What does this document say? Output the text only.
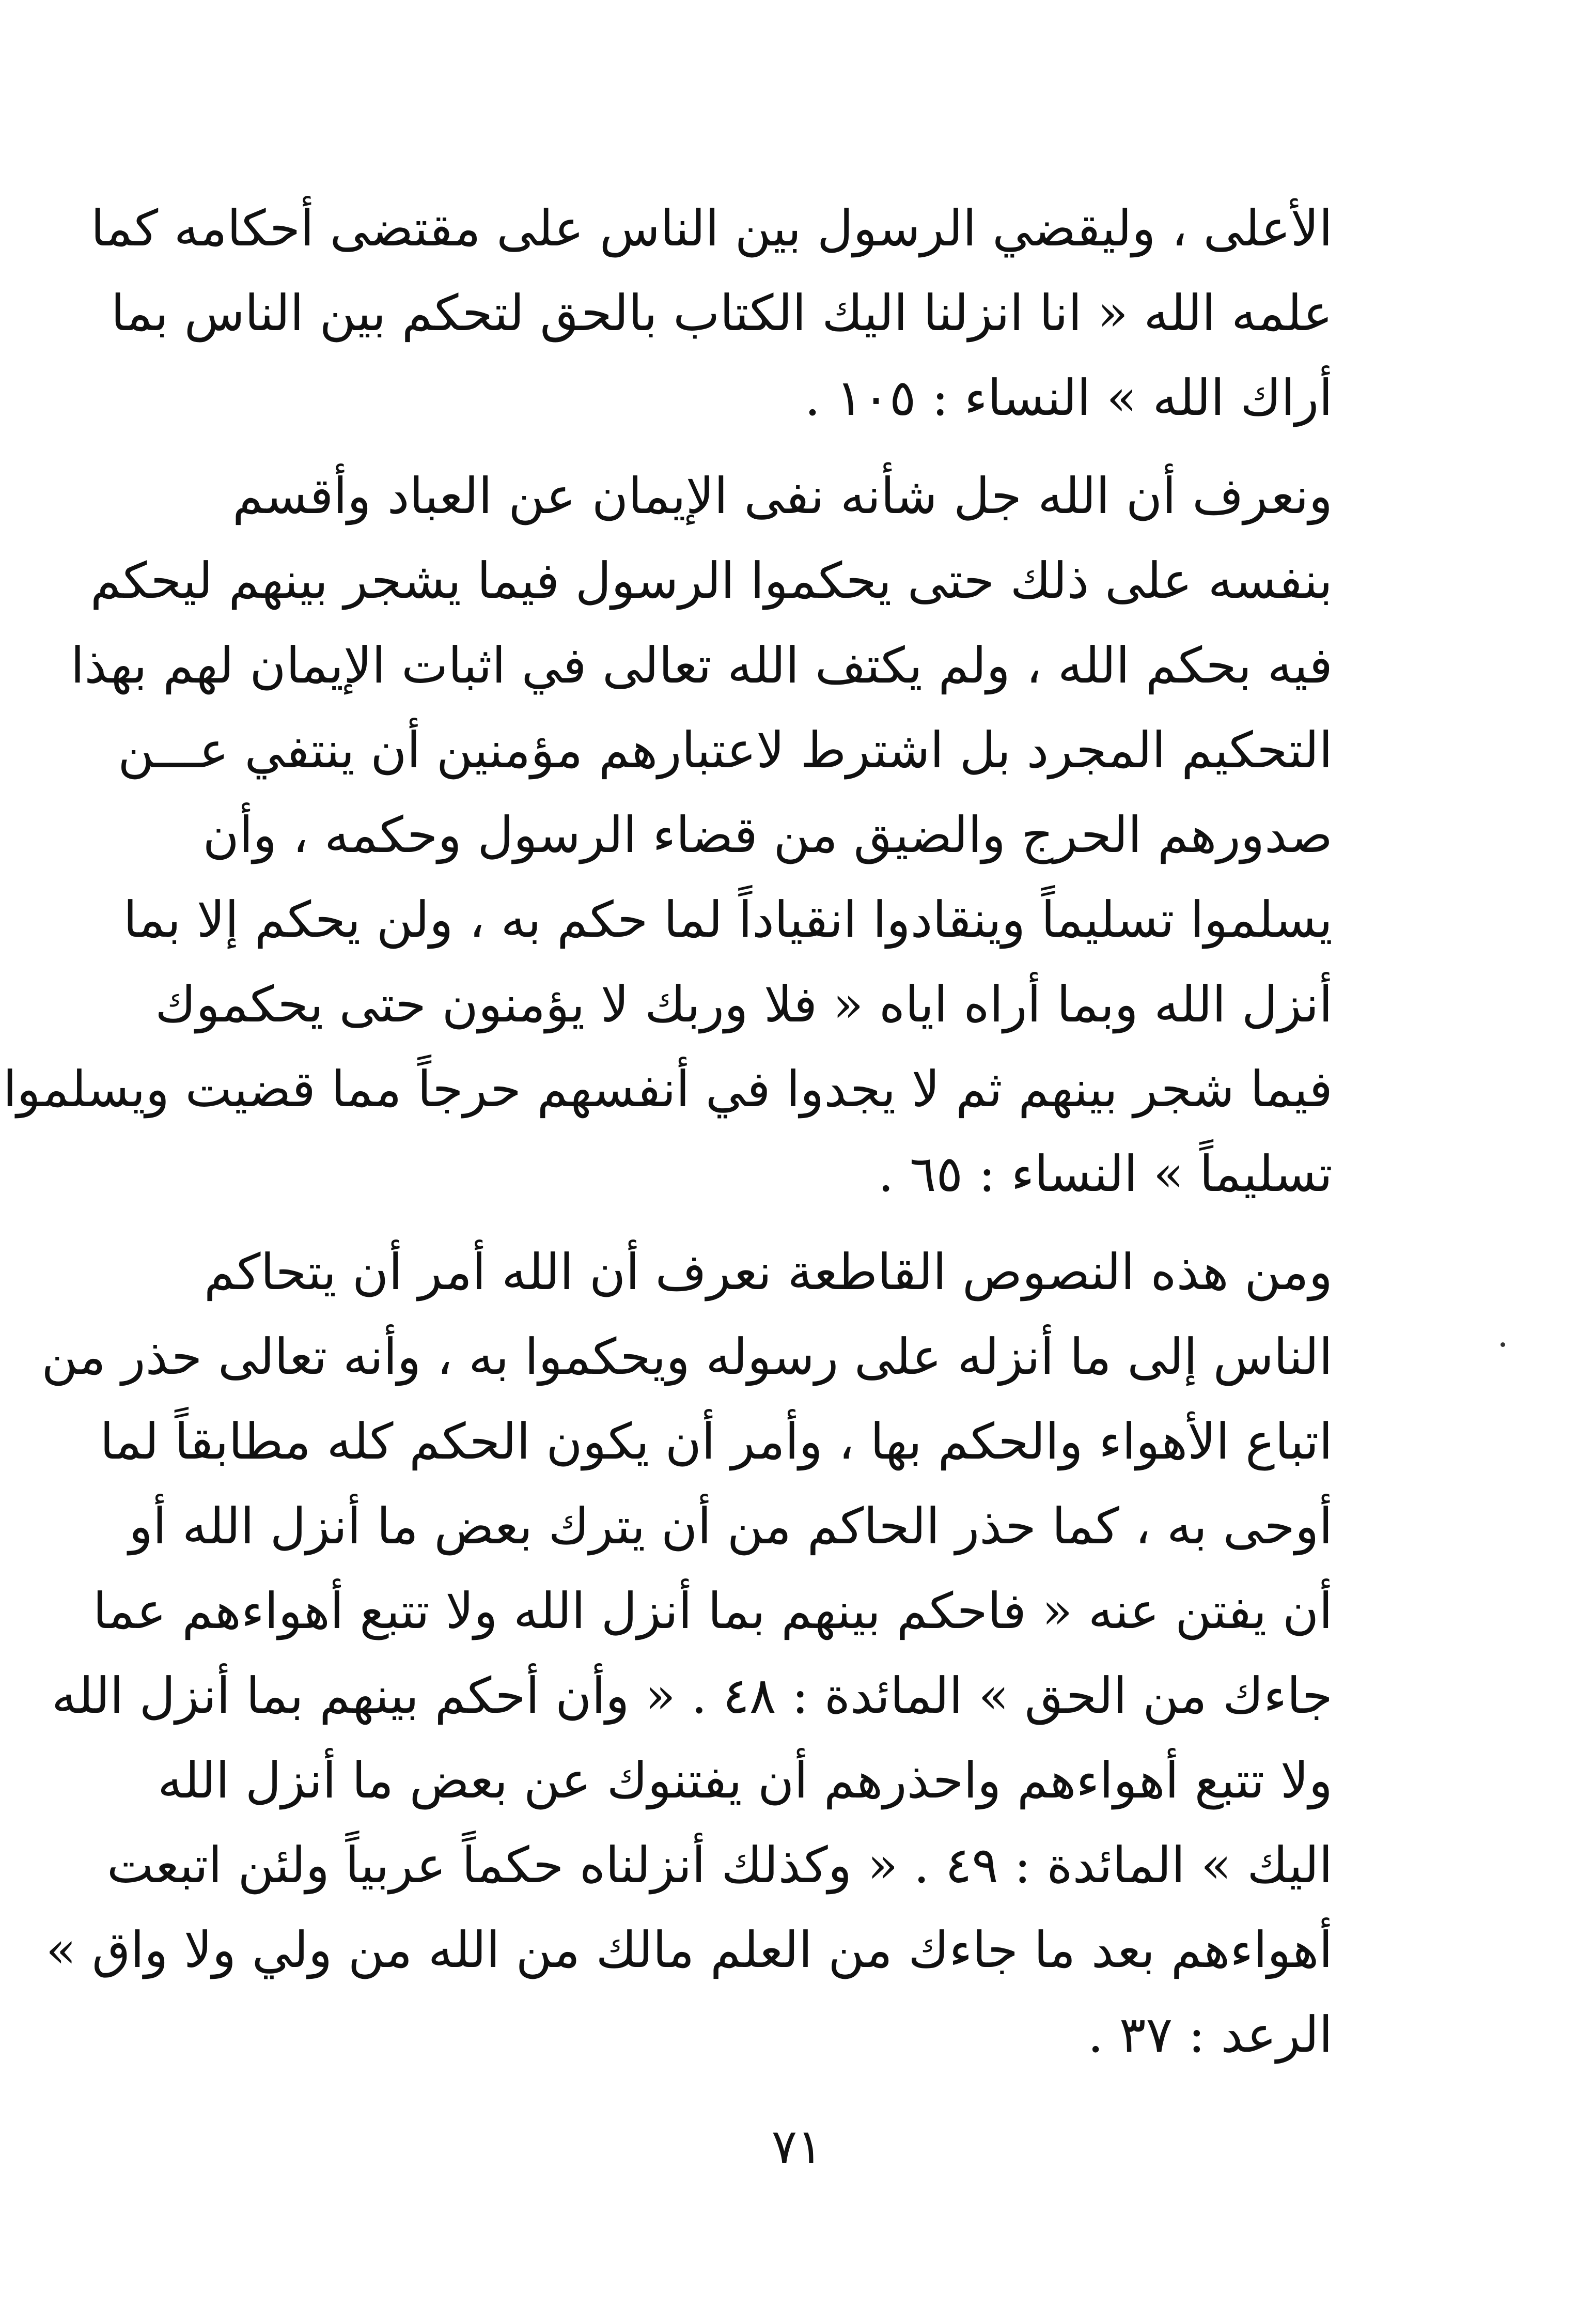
الأعلى ، وليقضي الرسول بين الناس على مقتضى أحكامه كما
علمه الله « انا انزلنا اليك الكتاب بالحق لتحكم بين الناس بما
أراك الله » النساء : ١٠٥ .
ونعرف أن الله جل شأنه نفى الإيمان عن العباد وأقسم
بنفسه على ذلك حتى يحكموا الرسول فيما يشجر بينهم ليحكم
فيه بحكم الله ، ولم يكتف الله تعالى في اثبات الإيمان لهم بهذا
التحكيم المجرد بل اشترط لاعتبارهم مؤمنين أن ينتفي عـــن
صدورهم الحرج والضيق من قضاء الرسول وحكمه ، وأن
يسلموا تسليماً وينقادوا انقياداً لما حكم به ، ولن يحكم إلا بما
أنزل الله وبما أراه اياه « فلا وربك لا يؤمنون حتى يحكموك
فيما شجر بينهم ثم لا يجدوا في أنفسهم حرجاً مما قضيت ويسلموا
تسليماً » النساء : ٦٥ .
ومن هذه النصوص القاطعة نعرف أن الله أمر أن يتحاكم
الناس إلى ما أنزله على رسوله ويحكموا به ، وأنه تعالى حذر من
اتباع الأهواء والحكم بها ، وأمر أن يكون الحكم كله مطابقاً لما
أوحى به ، كما حذر الحاكم من أن يترك بعض ما أنزل الله أو
أن يفتن عنه « فاحكم بينهم بما أنزل الله ولا تتبع أهواءهم عما
جاءك من الحق » المائدة : ٤٨ . « وأن أحكم بينهم بما أنزل الله
ولا تتبع أهواءهم واحذرهم أن يفتنوك عن بعض ما أنزل الله
اليك » المائدة : ٤٩ . « وكذلك أنزلناه حكماً عربياً ولئن اتبعت
أهواءهم بعد ما جاءك من العلم مالك من الله من ولي ولا واق »
الرعد : ٣٧ .
٧١
